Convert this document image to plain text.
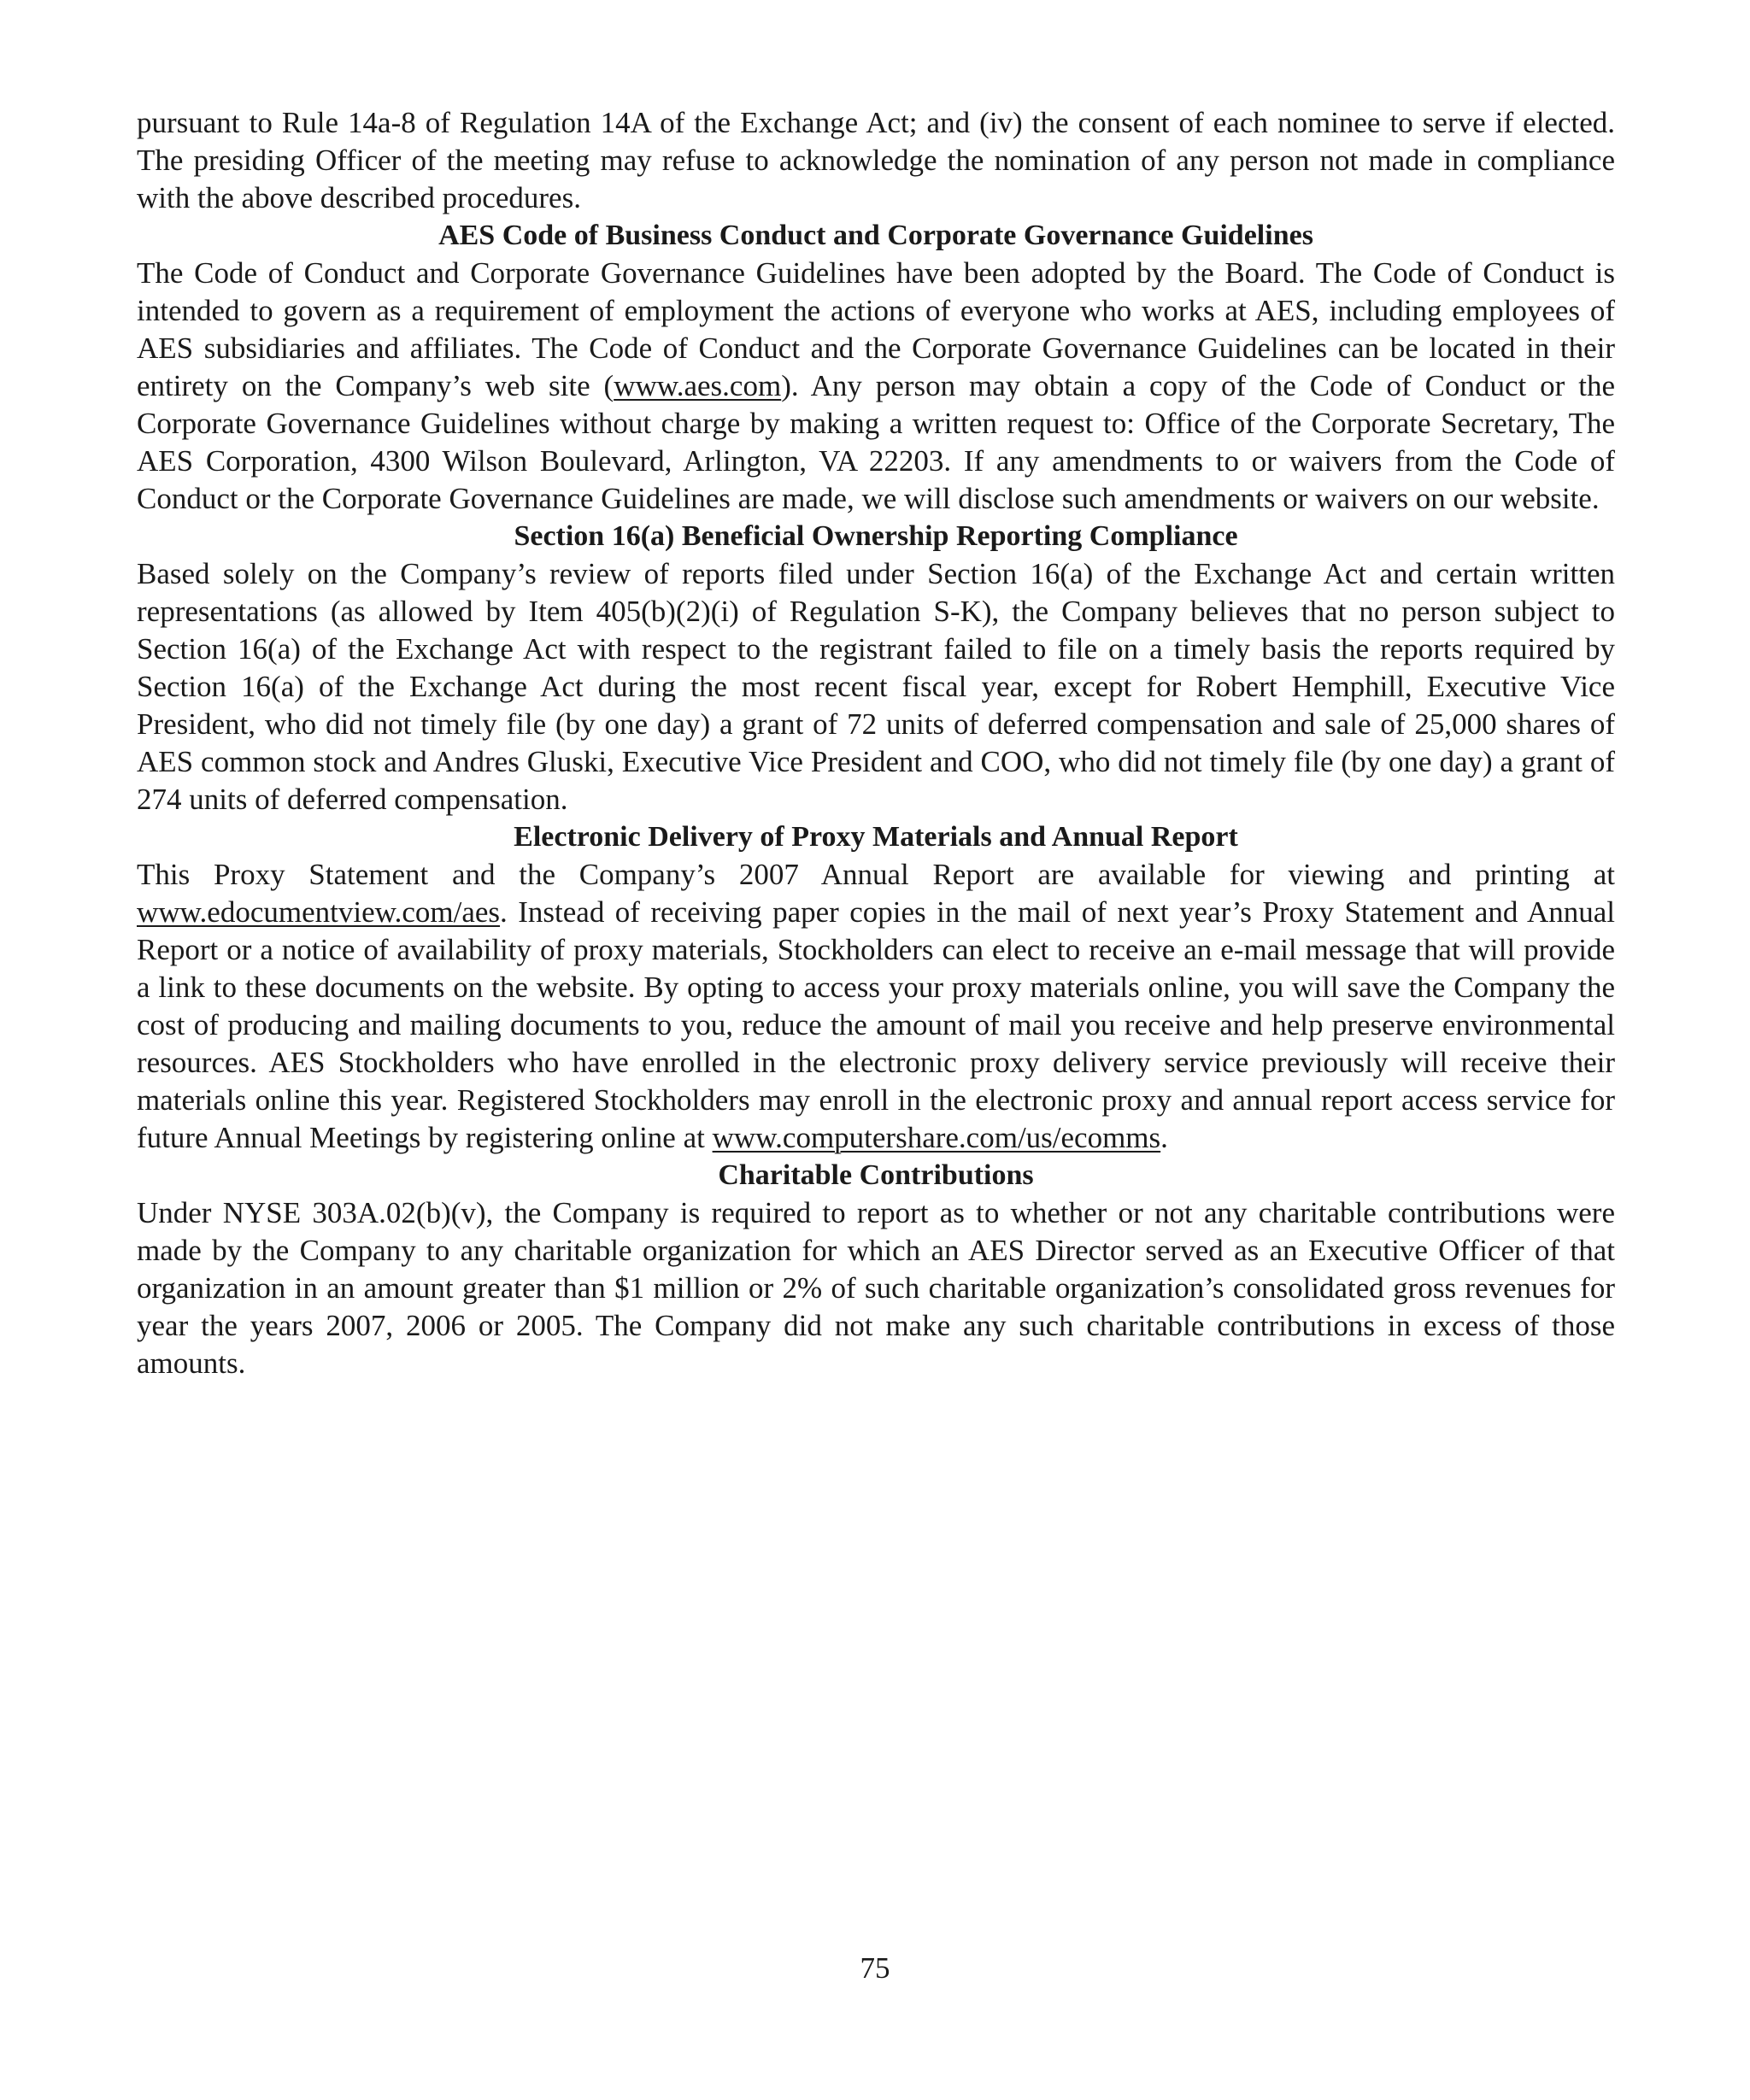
pursuant to Rule 14a-8 of Regulation 14A of the Exchange Act; and (iv) the consent of each nominee to serve if elected. The presiding Officer of the meeting may refuse to acknowledge the nomination of any person not made in compliance with the above described procedures.

AES Code of Business Conduct and Corporate Governance Guidelines

The Code of Conduct and Corporate Governance Guidelines have been adopted by the Board. The Code of Conduct is intended to govern as a requirement of employment the actions of everyone who works at AES, including employees of AES subsidiaries and affiliates. The Code of Conduct and the Corporate Governance Guidelines can be located in their entirety on the Company’s web site (www.aes.com). Any person may obtain a copy of the Code of Conduct or the Corporate Governance Guidelines without charge by making a written request to: Office of the Corporate Secretary, The AES Corporation, 4300 Wilson Boulevard, Arlington, VA 22203. If any amendments to or waivers from the Code of Conduct or the Corporate Governance Guidelines are made, we will disclose such amendments or waivers on our website.

Section 16(a) Beneficial Ownership Reporting Compliance

Based solely on the Company’s review of reports filed under Section 16(a) of the Exchange Act and certain written representations (as allowed by Item 405(b)(2)(i) of Regulation S-K), the Company believes that no person subject to Section 16(a) of the Exchange Act with respect to the registrant failed to file on a timely basis the reports required by Section 16(a) of the Exchange Act during the most recent fiscal year, except for Robert Hemphill, Executive Vice President, who did not timely file (by one day) a grant of 72 units of deferred compensation and sale of 25,000 shares of AES common stock and Andres Gluski, Executive Vice President and COO, who did not timely file (by one day) a grant of 274 units of deferred compensation.

Electronic Delivery of Proxy Materials and Annual Report

This Proxy Statement and the Company’s 2007 Annual Report are available for viewing and printing at www.edocumentview.com/aes. Instead of receiving paper copies in the mail of next year’s Proxy Statement and Annual Report or a notice of availability of proxy materials, Stockholders can elect to receive an e-mail message that will provide a link to these documents on the website. By opting to access your proxy materials online, you will save the Company the cost of producing and mailing documents to you, reduce the amount of mail you receive and help preserve environmental resources. AES Stockholders who have enrolled in the electronic proxy delivery service previously will receive their materials online this year. Registered Stockholders may enroll in the electronic proxy and annual report access service for future Annual Meetings by registering online at www.computershare.com/us/ecomms.

Charitable Contributions

Under NYSE 303A.02(b)(v), the Company is required to report as to whether or not any charitable contributions were made by the Company to any charitable organization for which an AES Director served as an Executive Officer of that organization in an amount greater than $1 million or 2% of such charitable organization’s consolidated gross revenues for year the years 2007, 2006 or 2005. The Company did not make any such charitable contributions in excess of those amounts.

75
